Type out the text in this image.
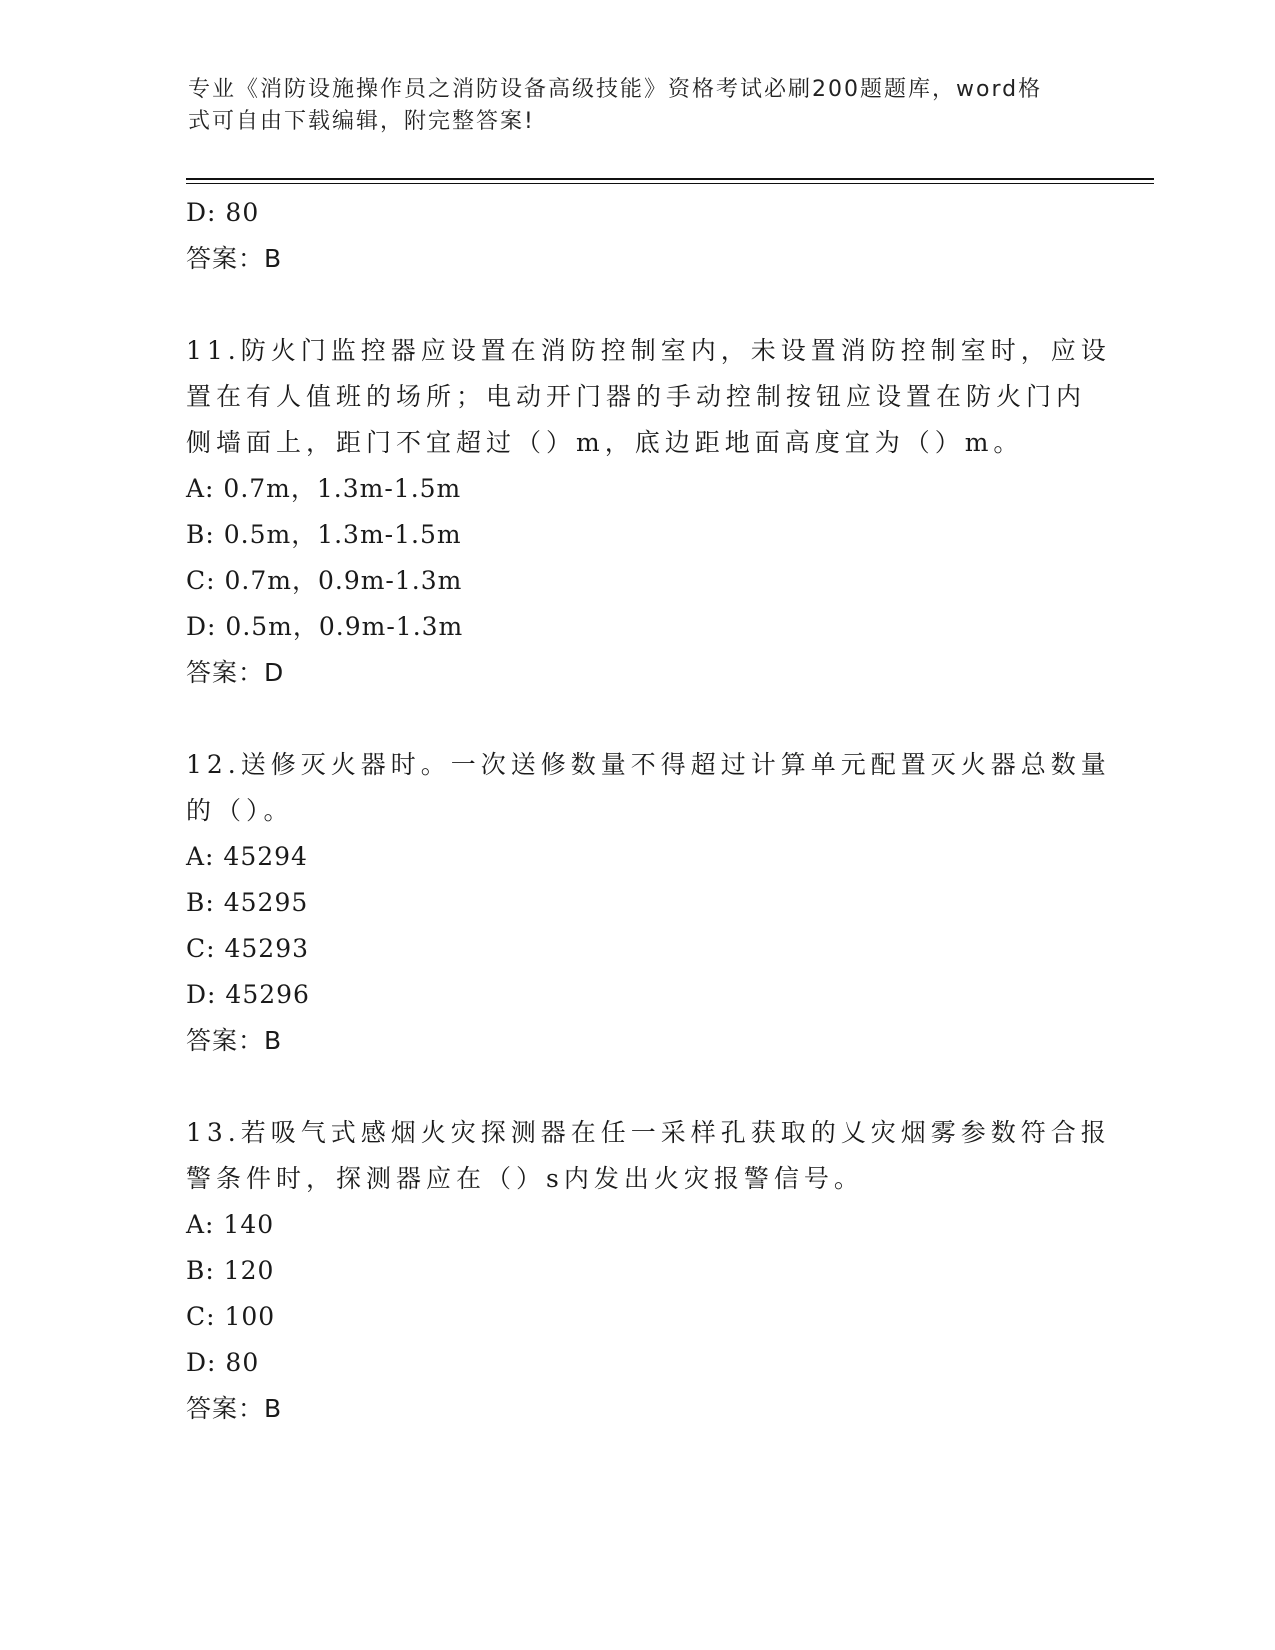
专业《消防设施操作员之消防设备高级技能》资格考试必刷200题题库，word格
式可自由下载编辑，附完整答案!
D: 80
答案：B
11.防火门监控器应设置在消防控制室内，未设置消防控制室时，应设
置在有人值班的场所；电动开门器的手动控制按钮应设置在防火门内
侧墙面上，距门不宜超过（）m，底边距地面高度宜为（）m。
A: 0.7m，1.3m-1.5m
B: 0.5m，1.3m-1.5m
C: 0.7m，0.9m-1.3m
D: 0.5m，0.9m-1.3m
答案：D
12.送修灭火器时。一次送修数量不得超过计算单元配置灭火器总数量
的（）。
A: 45294
B: 45295
C: 45293
D: 45296
答案：B
13.若吸气式感烟火灾探测器在任一采样孔获取的乂灾烟雾参数符合报
警条件时，探测器应在（）s内发出火灾报警信号。
A: 140
B: 120
C: 100
D: 80
答案：B
